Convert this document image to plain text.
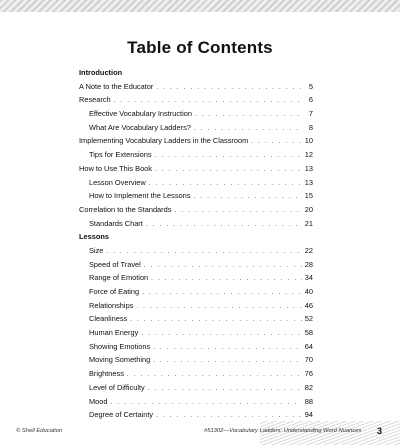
Table of Contents
Introduction
A Note to the Educator . . .	5
Research . . .	6
Effective Vocabulary Instruction . . .	7
What Are Vocabulary Ladders? . . .	8
Implementing Vocabulary Ladders in the Classroom . . .	10
Tips for Extensions . . .	12
How to Use This Book . . .	13
Lesson Overview . . .	13
How to Implement the Lessons . . .	15
Correlation to the Standards . . .	20
Standards Chart . . .	21
Lessons
Size . . .	22
Speed of Travel . . .	28
Range of Emotion . . .	34
Force of Eating . . .	40
Relationships . . .	46
Cleanliness . . .	52
Human Energy . . .	58
Showing Emotions . . .	64
Moving Something . . .	70
Brightness . . .	76
Level of Difficulty . . .	82
Mood . . .	88
Degree of Certainty . . .	94
© Shell Education	#51302—Vocabulary Ladders: Understanding Word Nuances 3
